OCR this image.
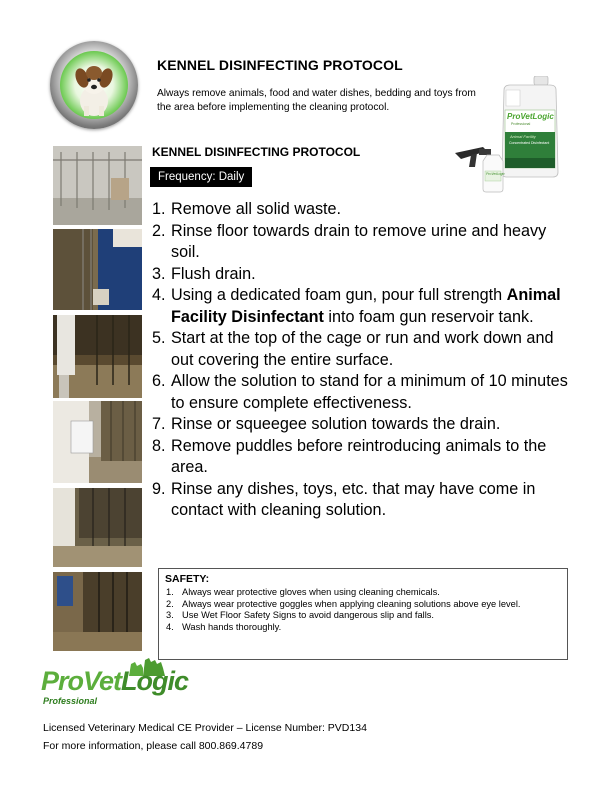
KENNEL DISINFECTING PROTOCOL
Always remove animals, food and water dishes, bedding and toys from the area before implementing the cleaning protocol.
ProVetLogic
Professional
Animal Facility
Concentrated Disinfectant
ProVetLogic
KENNEL DISINFECTING PROTOCOL
Frequency: Daily
1. Remove all solid waste.
2. Rinse floor towards drain to remove urine and heavy soil.
3. Flush drain.
4. Using a dedicated foam gun, pour full strength Animal Facility Disinfectant into foam gun reservoir tank.
5. Start at the top of the cage or run and work down and out covering the entire surface.
6. Allow the solution to stand for a minimum of 10 minutes to ensure complete effectiveness.
7. Rinse or squeegee solution towards the drain.
8. Remove puddles before reintroducing animals to the area.
9. Rinse any dishes, toys, etc. that may have come in contact with cleaning solution.
SAFETY:
1. Always wear protective gloves when using cleaning chemicals.
2. Always wear protective goggles when applying cleaning solutions above eye level.
3. Use Wet Floor Safety Signs to avoid dangerous slip and falls.
4. Wash hands thoroughly.
ProVetLogic
Professional
Licensed Veterinary Medical CE Provider – License Number: PVD134
For more information, please call 800.869.4789
